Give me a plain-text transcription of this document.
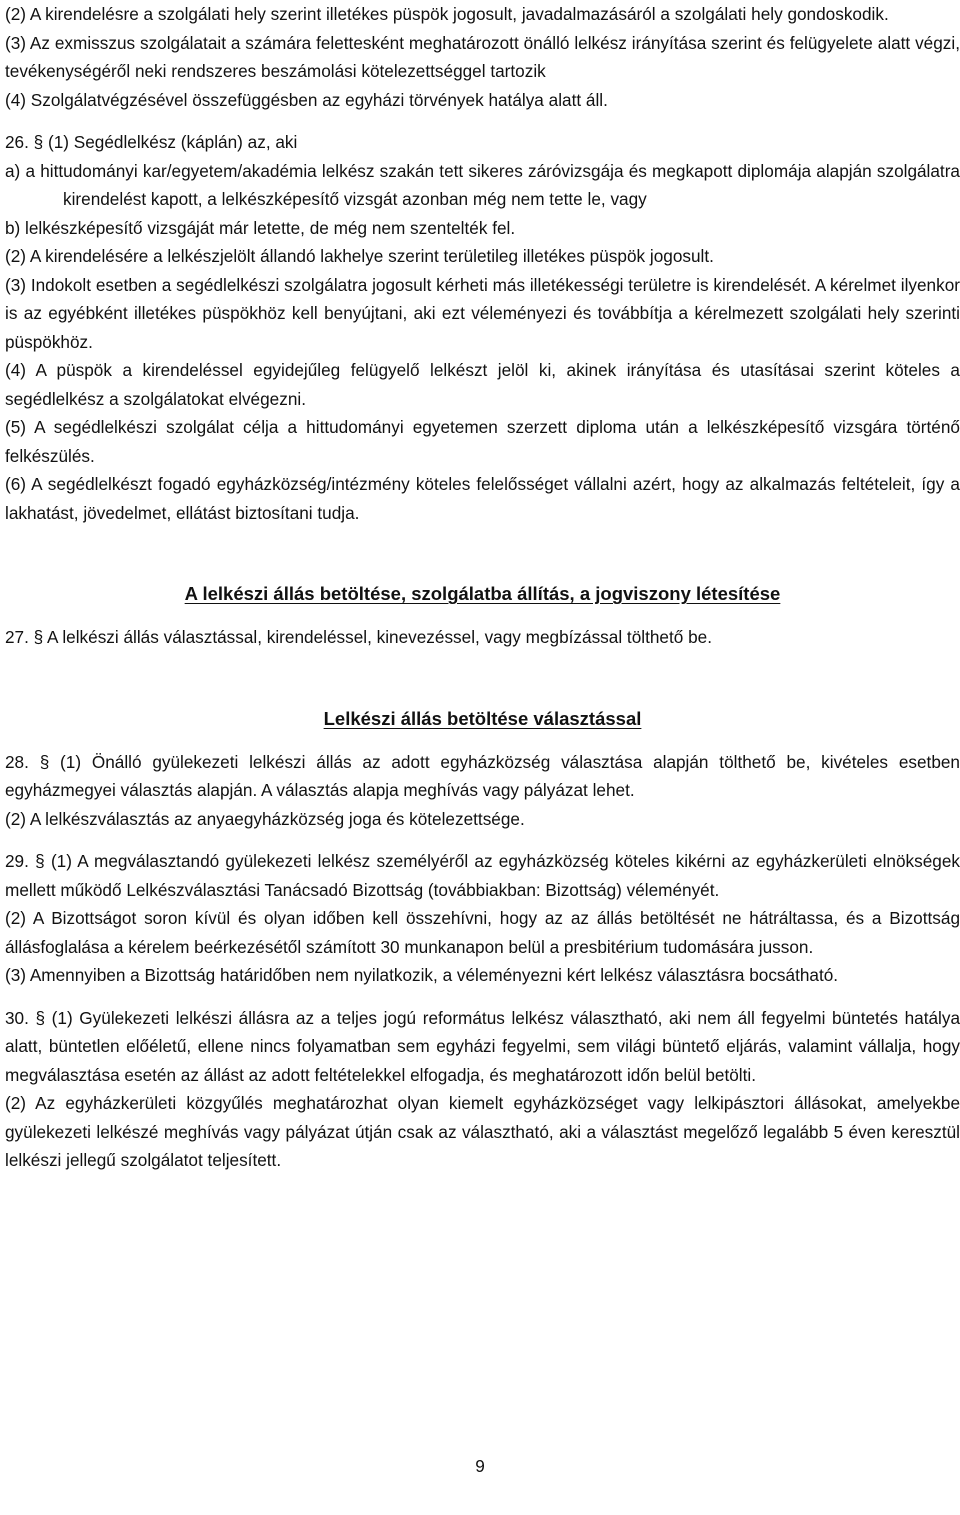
(2) A kirendelésre a szolgálati hely szerint illetékes püspök jogosult, javadalmazásáról a szolgálati hely gondoskodik.

(3) Az exmisszus szolgálatait a számára felettesként meghatározott önálló lelkész irányítása szerint és felügyelete alatt végzi, tevékenységéről neki rendszeres beszámolási kötelezettséggel tartozik

(4) Szolgálatvégzésével összefüggésben az egyházi törvények hatálya alatt áll.

26. § (1) Segédlelkész (káplán) az, aki

a) a hittudományi kar/egyetem/akadémia lelkész szakán tett sikeres záróvizsgája és megkapott diplomája alapján szolgálatra kirendelést kapott, a lelkészképesítő vizsgát azonban még nem tette le, vagy

b) lelkészképesítő vizsgáját már letette, de még nem szentelték fel.

(2) A kirendelésére a lelkészjelölt állandó lakhelye szerint területileg illetékes püspök jogosult.

(3) Indokolt esetben a segédlelkészi szolgálatra jogosult kérheti más illetékességi területre is kirendelését. A kérelmet ilyenkor is az egyébként illetékes püspökhöz kell benyújtani, aki ezt véleményezi és továbbítja a kérelmezett szolgálati hely szerinti püspökhöz.

(4) A püspök a kirendeléssel egyidejűleg felügyelő lelkészt jelöl ki, akinek irányítása és utasításai szerint köteles a segédlelkész a szolgálatokat elvégezni.

(5) A segédlelkészi szolgálat célja a hittudományi egyetemen szerzett diploma után a lelkészképesítő vizsgára történő felkészülés.

(6) A segédlelkészt fogadó egyházközség/intézmény köteles felelősséget vállalni azért, hogy az alkalmazás feltételeit, így a lakhatást, jövedelmet, ellátást biztosítani tudja.

A lelkészi állás betöltése, szolgálatba állítás, a jogviszony létesítése

27. § A lelkészi állás választással, kirendeléssel, kinevezéssel, vagy megbízással tölthető be.

Lelkészi állás betöltése választással

28. § (1) Önálló gyülekezeti lelkészi állás az adott egyházközség választása alapján tölthető be, kivételes esetben egyházmegyei választás alapján. A választás alapja meghívás vagy pályázat lehet.

(2) A lelkészválasztás az anyaegyházközség joga és kötelezettsége.

29. § (1) A megválasztandó gyülekezeti lelkész személyéről az egyházközség köteles kikérni az egyházkerületi elnökségek mellett működő Lelkészválasztási Tanácsadó Bizottság (továbbiakban: Bizottság) véleményét.

(2) A Bizottságot soron kívül és olyan időben kell összehívni, hogy az az állás betöltését ne hátráltassa, és a Bizottság állásfoglalása a kérelem beérkezésétől számított 30 munkanapon belül a presbitérium tudomására jusson.

(3) Amennyiben a Bizottság határidőben nem nyilatkozik, a véleményezni kért lelkész választásra bocsátható.

30. § (1) Gyülekezeti lelkészi állásra az a teljes jogú református lelkész választható, aki nem áll fegyelmi büntetés hatálya alatt, büntetlen előéletű, ellene nincs folyamatban sem egyházi fegyelmi, sem világi büntető eljárás, valamint vállalja, hogy megválasztása esetén az állást az adott feltételekkel elfogadja, és meghatározott időn belül betölti.

(2) Az egyházkerületi közgyűlés meghatározhat olyan kiemelt egyházközséget vagy lelkipásztori állásokat, amelyekbe gyülekezeti lelkészé meghívás vagy pályázat útján csak az választható, aki a választást megelőző legalább 5 éven keresztül lelkészi jellegű szolgálatot teljesített.

9
